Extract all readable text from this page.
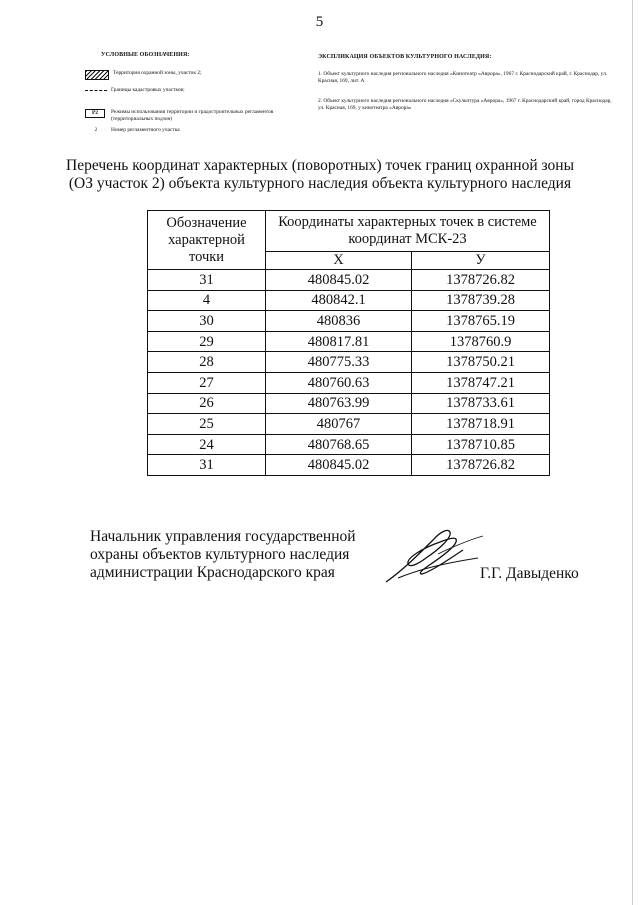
5
УСЛОВНЫЕ ОБОЗНАЧЕНИЯ:
Территория охранной зоны, участок 2;
Границы кадастровых участков;
Р2	Режимы использования территории и градостроительных регламентов (территориальных подзон)
2	Номер регламентного участка
ЭКСПЛИКАЦИЯ ОБЪЕКТОВ КУЛЬТУРНОГО НАСЛЕДИЯ:
1. Объект культурного наследия регионального наследия «Кинотеатр «Аврора», 1967 г. Краснодарский край, г. Краснодар, ул. Красная, 169, лит. А
2. Объект культурного наследия регионального наследия «Скульптура «Аврора», 1967 г. Краснодарский край, город Краснодар, ул. Красная, 169, у кинотеатра «Аврора»
Перечень координат характерных (поворотных) точек границ охранной зоны
(ОЗ участок 2) объекта культурного наследия объекта культурного наследия
Обозначение характерной точки	Координаты характерных точек в системе координат МСК-23	
	X	У
31	480845.02	1378726.82
4	480842.1	1378739.28
30	480836	1378765.19
29	480817.81	1378760.9
28	480775.33	1378750.21
27	480760.63	1378747.21
26	480763.99	1378733.61
25	480767	1378718.91
24	480768.65	1378710.85
31	480845.02	1378726.82
Начальник управления государственной
охраны объектов культурного наследия
администрации Краснодарского края	Г.Г. Давыденко
